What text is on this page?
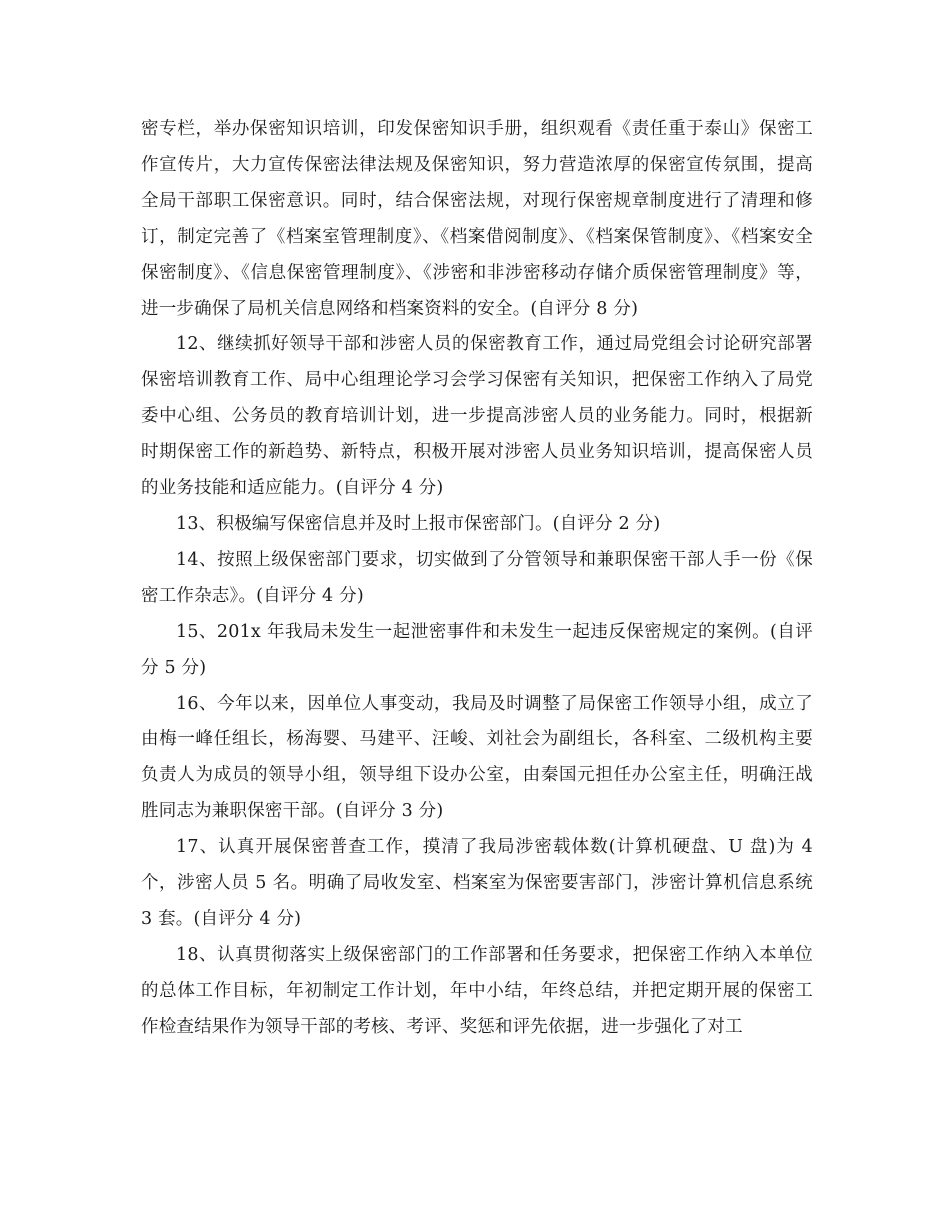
密专栏，举办保密知识培训，印发保密知识手册，组织观看《责任重于泰山》保密工作宣传片，大力宣传保密法律法规及保密知识，努力营造浓厚的保密宣传氛围，提高全局干部职工保密意识。同时，结合保密法规，对现行保密规章制度进行了清理和修订，制定完善了《档案室管理制度》、《档案借阅制度》、《档案保管制度》、《档案安全保密制度》、《信息保密管理制度》、《涉密和非涉密移动存储介质保密管理制度》等，进一步确保了局机关信息网络和档案资料的安全。(自评分 8 分)

12、继续抓好领导干部和涉密人员的保密教育工作，通过局党组会讨论研究部署保密培训教育工作、局中心组理论学习会学习保密有关知识，把保密工作纳入了局党委中心组、公务员的教育培训计划，进一步提高涉密人员的业务能力。同时，根据新时期保密工作的新趋势、新特点，积极开展对涉密人员业务知识培训，提高保密人员的业务技能和适应能力。(自评分 4 分)

13、积极编写保密信息并及时上报市保密部门。(自评分 2 分)

14、按照上级保密部门要求，切实做到了分管领导和兼职保密干部人手一份《保密工作杂志》。(自评分 4 分)

15、201x 年我局未发生一起泄密事件和未发生一起违反保密规定的案例。(自评分 5 分)

16、今年以来，因单位人事变动，我局及时调整了局保密工作领导小组，成立了由梅一峰任组长，杨海婴、马建平、汪峻、刘社会为副组长，各科室、二级机构主要负责人为成员的领导小组，领导组下设办公室，由秦国元担任办公室主任，明确汪战胜同志为兼职保密干部。(自评分 3 分)

17、认真开展保密普查工作，摸清了我局涉密载体数(计算机硬盘、U 盘)为 4 个，涉密人员 5 名。明确了局收发室、档案室为保密要害部门，涉密计算机信息系统 3 套。(自评分 4 分)

18、认真贯彻落实上级保密部门的工作部署和任务要求，把保密工作纳入本单位的总体工作目标，年初制定工作计划，年中小结，年终总结，并把定期开展的保密工作检查结果作为领导干部的考核、考评、奖惩和评先依据，进一步强化了对工
